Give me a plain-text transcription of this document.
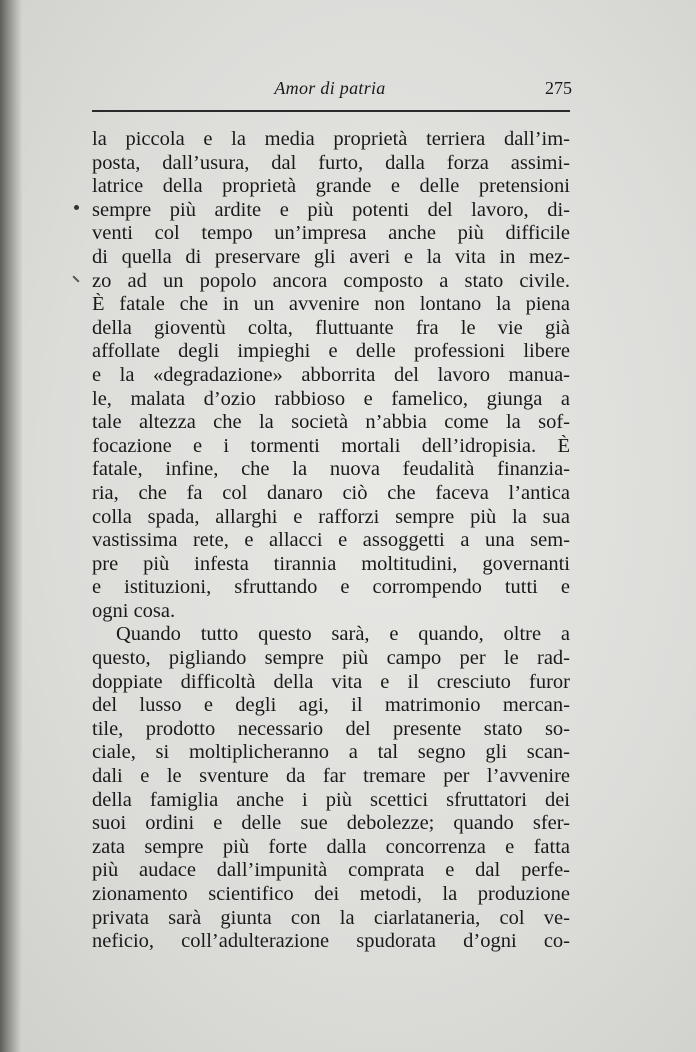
Amor di patria	275
la piccola e la media proprietà terriera dall’im-
posta, dall’usura, dal furto, dalla forza assimi-
latrice della proprietà grande e delle pretensioni
sempre più ardite e più potenti del lavoro, di-
venti col tempo un’impresa anche più difficile
di quella di preservare gli averi e la vita in mez-
zo ad un popolo ancora composto a stato civile.
È fatale che in un avvenire non lontano la piena
della gioventù colta, fluttuante fra le vie già
affollate degli impieghi e delle professioni libere
e la «degradazione» abborrita del lavoro manua-
le, malata d’ozio rabbioso e famelico, giunga a
tale altezza che la società n’abbia come la sof-
focazione e i tormenti mortali dell’idropisia. È
fatale, infine, che la nuova feudalità finanzia-
ria, che fa col danaro ciò che faceva l’antica
colla spada, allarghi e rafforzi sempre più la sua
vastissima rete, e allacci e assoggetti a una sem-
pre più infesta tirannia moltitudini, governanti
e istituzioni, sfruttando e corrompendo tutti e
ogni cosa.
Quando tutto questo sarà, e quando, oltre a
questo, pigliando sempre più campo per le rad-
doppiate difficoltà della vita e il cresciuto furor
del lusso e degli agi, il matrimonio mercan-
tile, prodotto necessario del presente stato so-
ciale, si moltiplicheranno a tal segno gli scan-
dali e le sventure da far tremare per l’avvenire
della famiglia anche i più scettici sfruttatori dei
suoi ordini e delle sue debolezze; quando sfer-
zata sempre più forte dalla concorrenza e fatta
più audace dall’impunità comprata e dal perfe-
zionamento scientifico dei metodi, la produzione
privata sarà giunta con la ciarlataneria, col ve-
neficio, coll’adulterazione spudorata d’ogni co-
